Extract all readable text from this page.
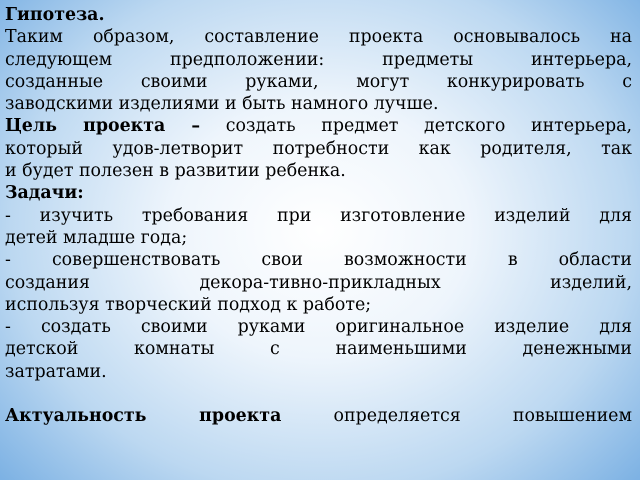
Гипотеза.
Таким образом, составление проекта основывалось на
следующем предположении: предметы интерьера,
созданные своими руками, могут конкурировать с
заводскими изделиями и быть намного лучше.
Цель проекта – создать предмет детского интерьера,
который удов-летворит потребности как родителя, так
и будет полезен в развитии ребенка.
Задачи:
- изучить требования при изготовление изделий для
детей младше года;
- совершенствовать свои возможности в области
создания декора-тивно-прикладных изделий,
используя творческий подход к работе;
- создать своими руками оригинальное изделие для
детской комнаты с наименьшими денежными
затратами.
Актуальность проекта определяется повышением
